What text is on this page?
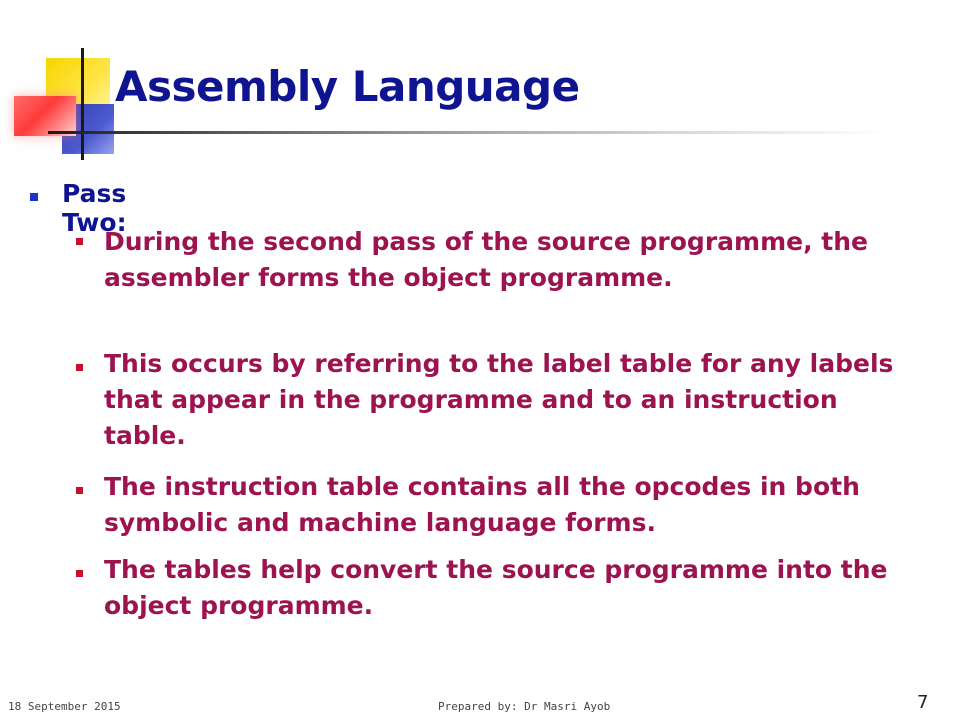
Assembly Language
Pass Two:
During the second pass of the source programme, the assembler forms the object programme.
This occurs by referring to the label table for any labels that appear in the programme and to an instruction table.
The instruction table contains all the opcodes in both symbolic and machine language forms.
The tables help convert the source programme into the object programme.
18 September 2015	Prepared by: Dr Masri Ayob	7
